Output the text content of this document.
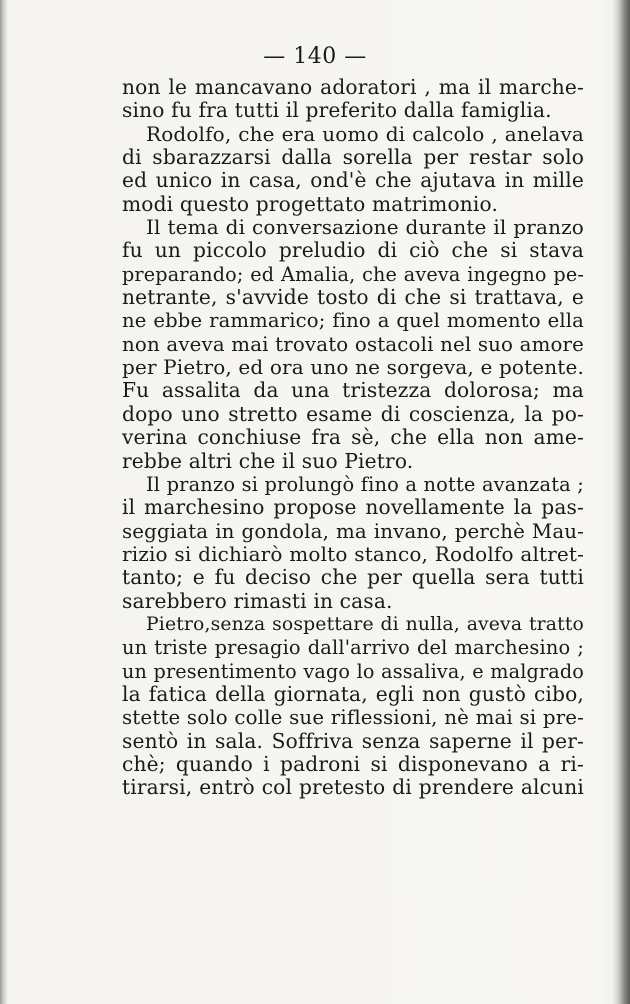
— 140 —
non le mancavano adoratori , ma il marche-
sino fu fra tutti il preferito dalla famiglia.
Rodolfo, che era uomo di calcolo , anelava
di sbarazzarsi dalla sorella per restar solo
ed unico in casa, ond'è che ajutava in mille
modi questo progettato matrimonio.
Il tema di conversazione durante il pranzo
fu un piccolo preludio di ciò che si stava
preparando; ed Amalia, che aveva ingegno pe-
netrante, s'avvide tosto di che si trattava, e
ne ebbe rammarico; fino a quel momento ella
non aveva mai trovato ostacoli nel suo amore
per Pietro, ed ora uno ne sorgeva, e potente.
Fu assalita da una tristezza dolorosa; ma
dopo uno stretto esame di coscienza, la po-
verina conchiuse fra sè, che ella non ame-
rebbe altri che il suo Pietro.
Il pranzo si prolungò fino a notte avanzata ;
il marchesino propose novellamente la pas-
seggiata in gondola, ma invano, perchè Mau-
rizio si dichiarò molto stanco, Rodolfo altret-
tanto; e fu deciso che per quella sera tutti
sarebbero rimasti in casa.
Pietro,senza sospettare di nulla, aveva tratto
un triste presagio dall'arrivo del marchesino ;
un presentimento vago lo assaliva, e malgrado
la fatica della giornata, egli non gustò cibo,
stette solo colle sue riflessioni, nè mai si pre-
sentò in sala. Soffriva senza saperne il per-
chè; quando i padroni si disponevano a ri-
tirarsi, entrò col pretesto di prendere alcuni
